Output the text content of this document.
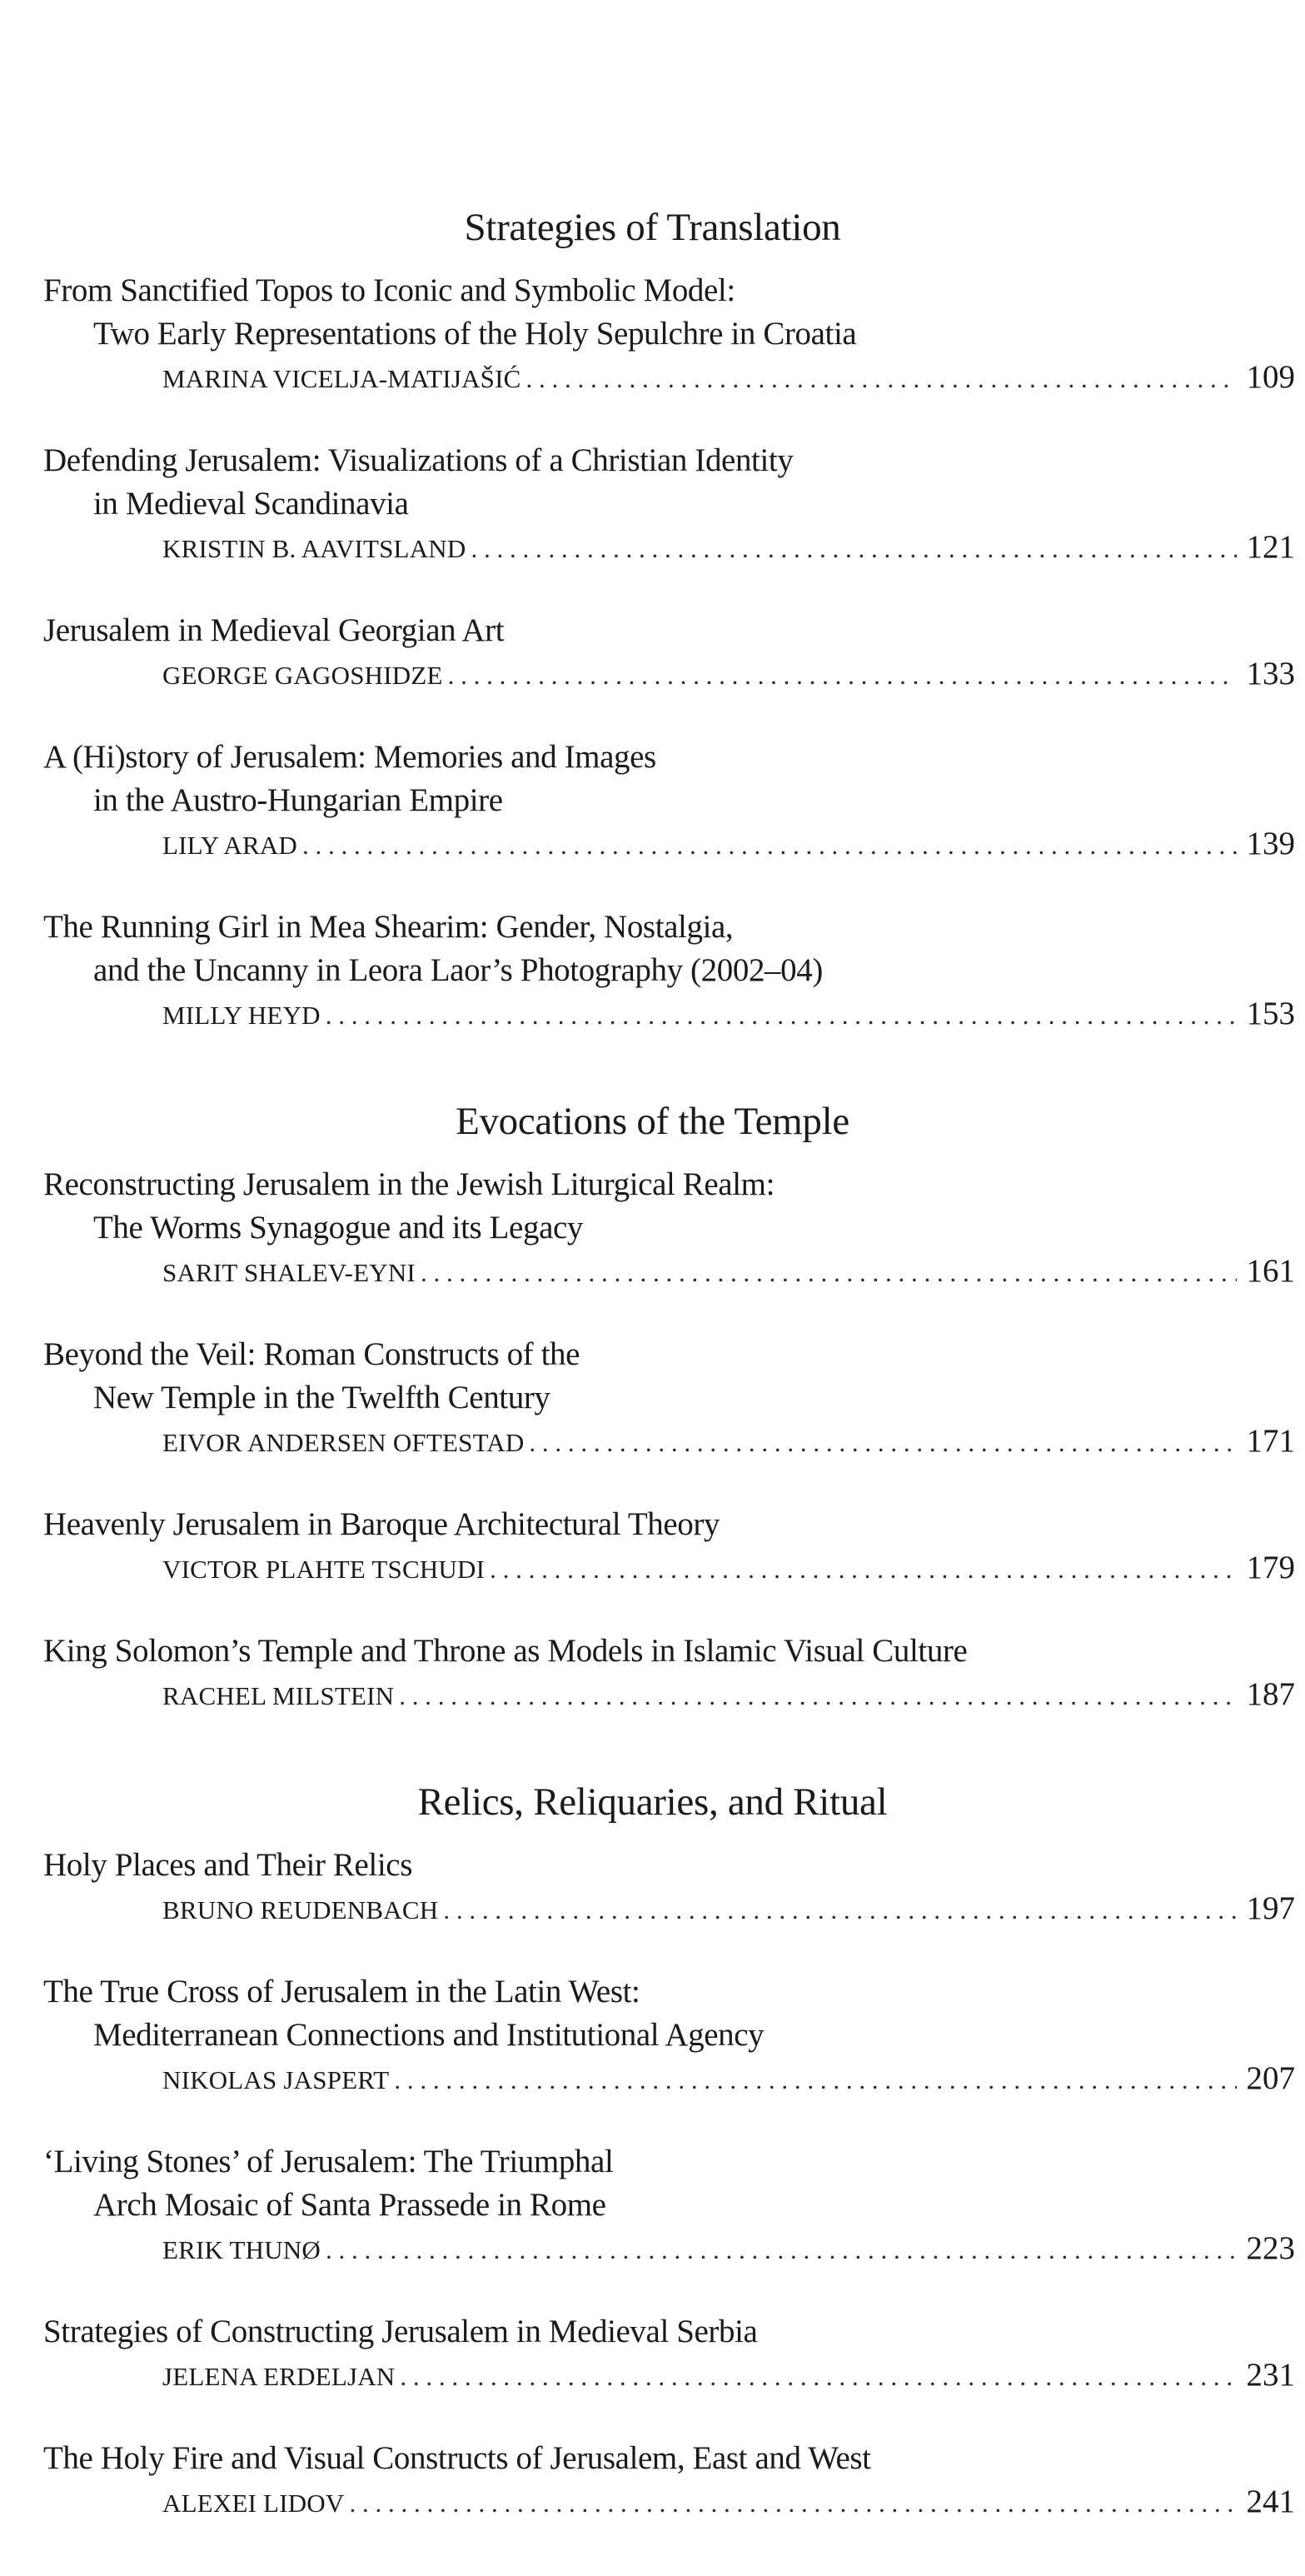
Strategies of Translation
From Sanctified Topos to Iconic and Symbolic Model:
Two Early Representations of the Holy Sepulchre in Croatia
MARINA VICELJA-MATIJAŠIĆ . . .	109
Defending Jerusalem: Visualizations of a Christian Identity
in Medieval Scandinavia
KRISTIN B. AAVITSLAND . . .	121
Jerusalem in Medieval Georgian Art
GEORGE GAGOSHIDZE . . .	133
A (Hi)story of Jerusalem: Memories and Images
in the Austro-Hungarian Empire
LILY ARAD . . .	139
The Running Girl in Mea Shearim: Gender, Nostalgia,
and the Uncanny in Leora Laor’s Photography (2002–04)
MILLY HEYD . . .	153
Evocations of the Temple
Reconstructing Jerusalem in the Jewish Liturgical Realm:
The Worms Synagogue and its Legacy
SARIT SHALEV-EYNI . . .	161
Beyond the Veil: Roman Constructs of the
New Temple in the Twelfth Century
EIVOR ANDERSEN OFTESTAD . . .	171
Heavenly Jerusalem in Baroque Architectural Theory
VICTOR PLAHTE TSCHUDI . . .	179
King Solomon’s Temple and Throne as Models in Islamic Visual Culture
RACHEL MILSTEIN . . .	187
Relics, Reliquaries, and Ritual
Holy Places and Their Relics
BRUNO REUDENBACH . . .	197
The True Cross of Jerusalem in the Latin West:
Mediterranean Connections and Institutional Agency
NIKOLAS JASPERT . . .	207
‘Living Stones’ of Jerusalem: The Triumphal
Arch Mosaic of Santa Prassede in Rome
ERIK THUNØ . . .	223
Strategies of Constructing Jerusalem in Medieval Serbia
JELENA ERDELJAN . . .	231
The Holy Fire and Visual Constructs of Jerusalem, East and West
ALEXEI LIDOV . . .	241
